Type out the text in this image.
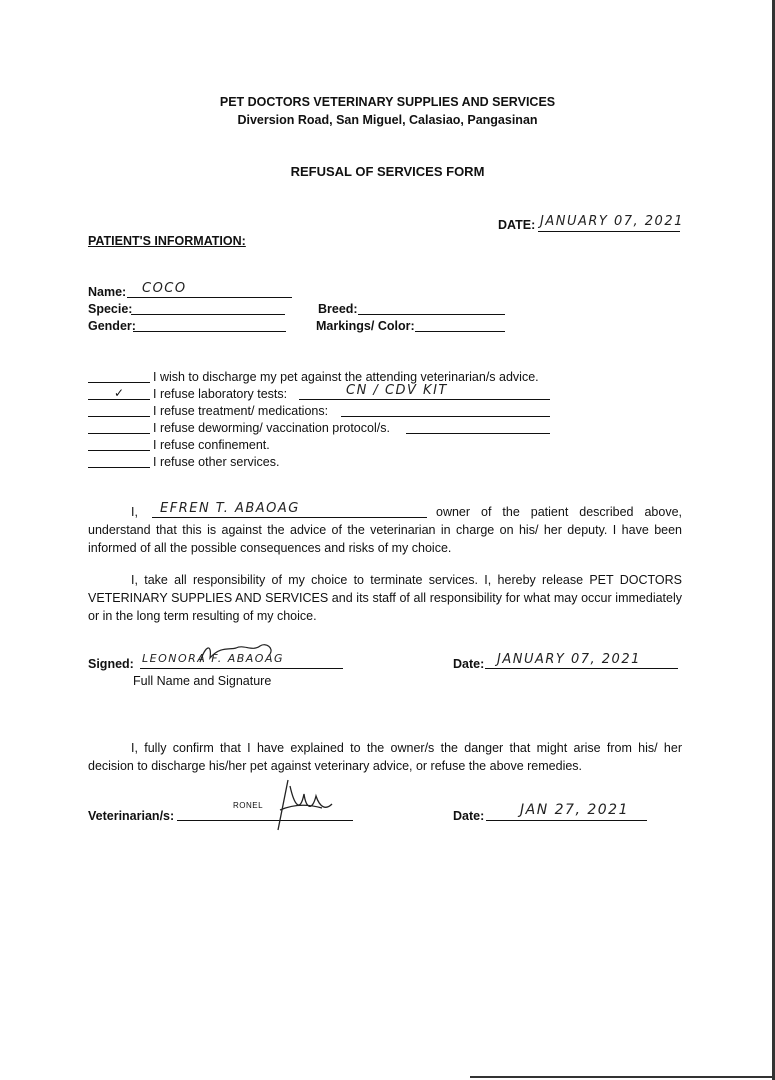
PET DOCTORS VETERINARY SUPPLIES AND SERVICES
Diversion Road, San Miguel, Calasiao, Pangasinan
REFUSAL OF SERVICES FORM
DATE: JANUARY 07, 2021
PATIENT'S INFORMATION:
Name: COCO
Specie:
Gender:
Breed:
Markings/ Color:
I wish to discharge my pet against the attending veterinarian/s advice.
✓ I refuse laboratory tests:	CN / CDV KIT
I refuse treatment/ medications:
I refuse deworming/ vaccination protocol/s.
I refuse confinement.
I refuse other services.
I, EFREN T. ABAOAG	owner of the patient described above,
understand that this is against the advice of the veterinarian in charge on his/ her deputy. I have been informed of all the possible consequences and risks of my choice.
I, take all responsibility of my choice to terminate services. I, hereby release PET DOCTORS VETERINARY SUPPLIES AND SERVICES and its staff of all responsibility for what may occur immediately or in the long term resulting of my choice.
Signed: LEONORA F. ABAOAG
Full Name and Signature
Date: JANUARY 07, 2021
I, fully confirm that I have explained to the owner/s the danger that might arise from his/ her decision to discharge his/her pet against veterinary advice, or refuse the above remedies.
Veterinarian/s:
RONEL
Date:	JAN 27, 2021
